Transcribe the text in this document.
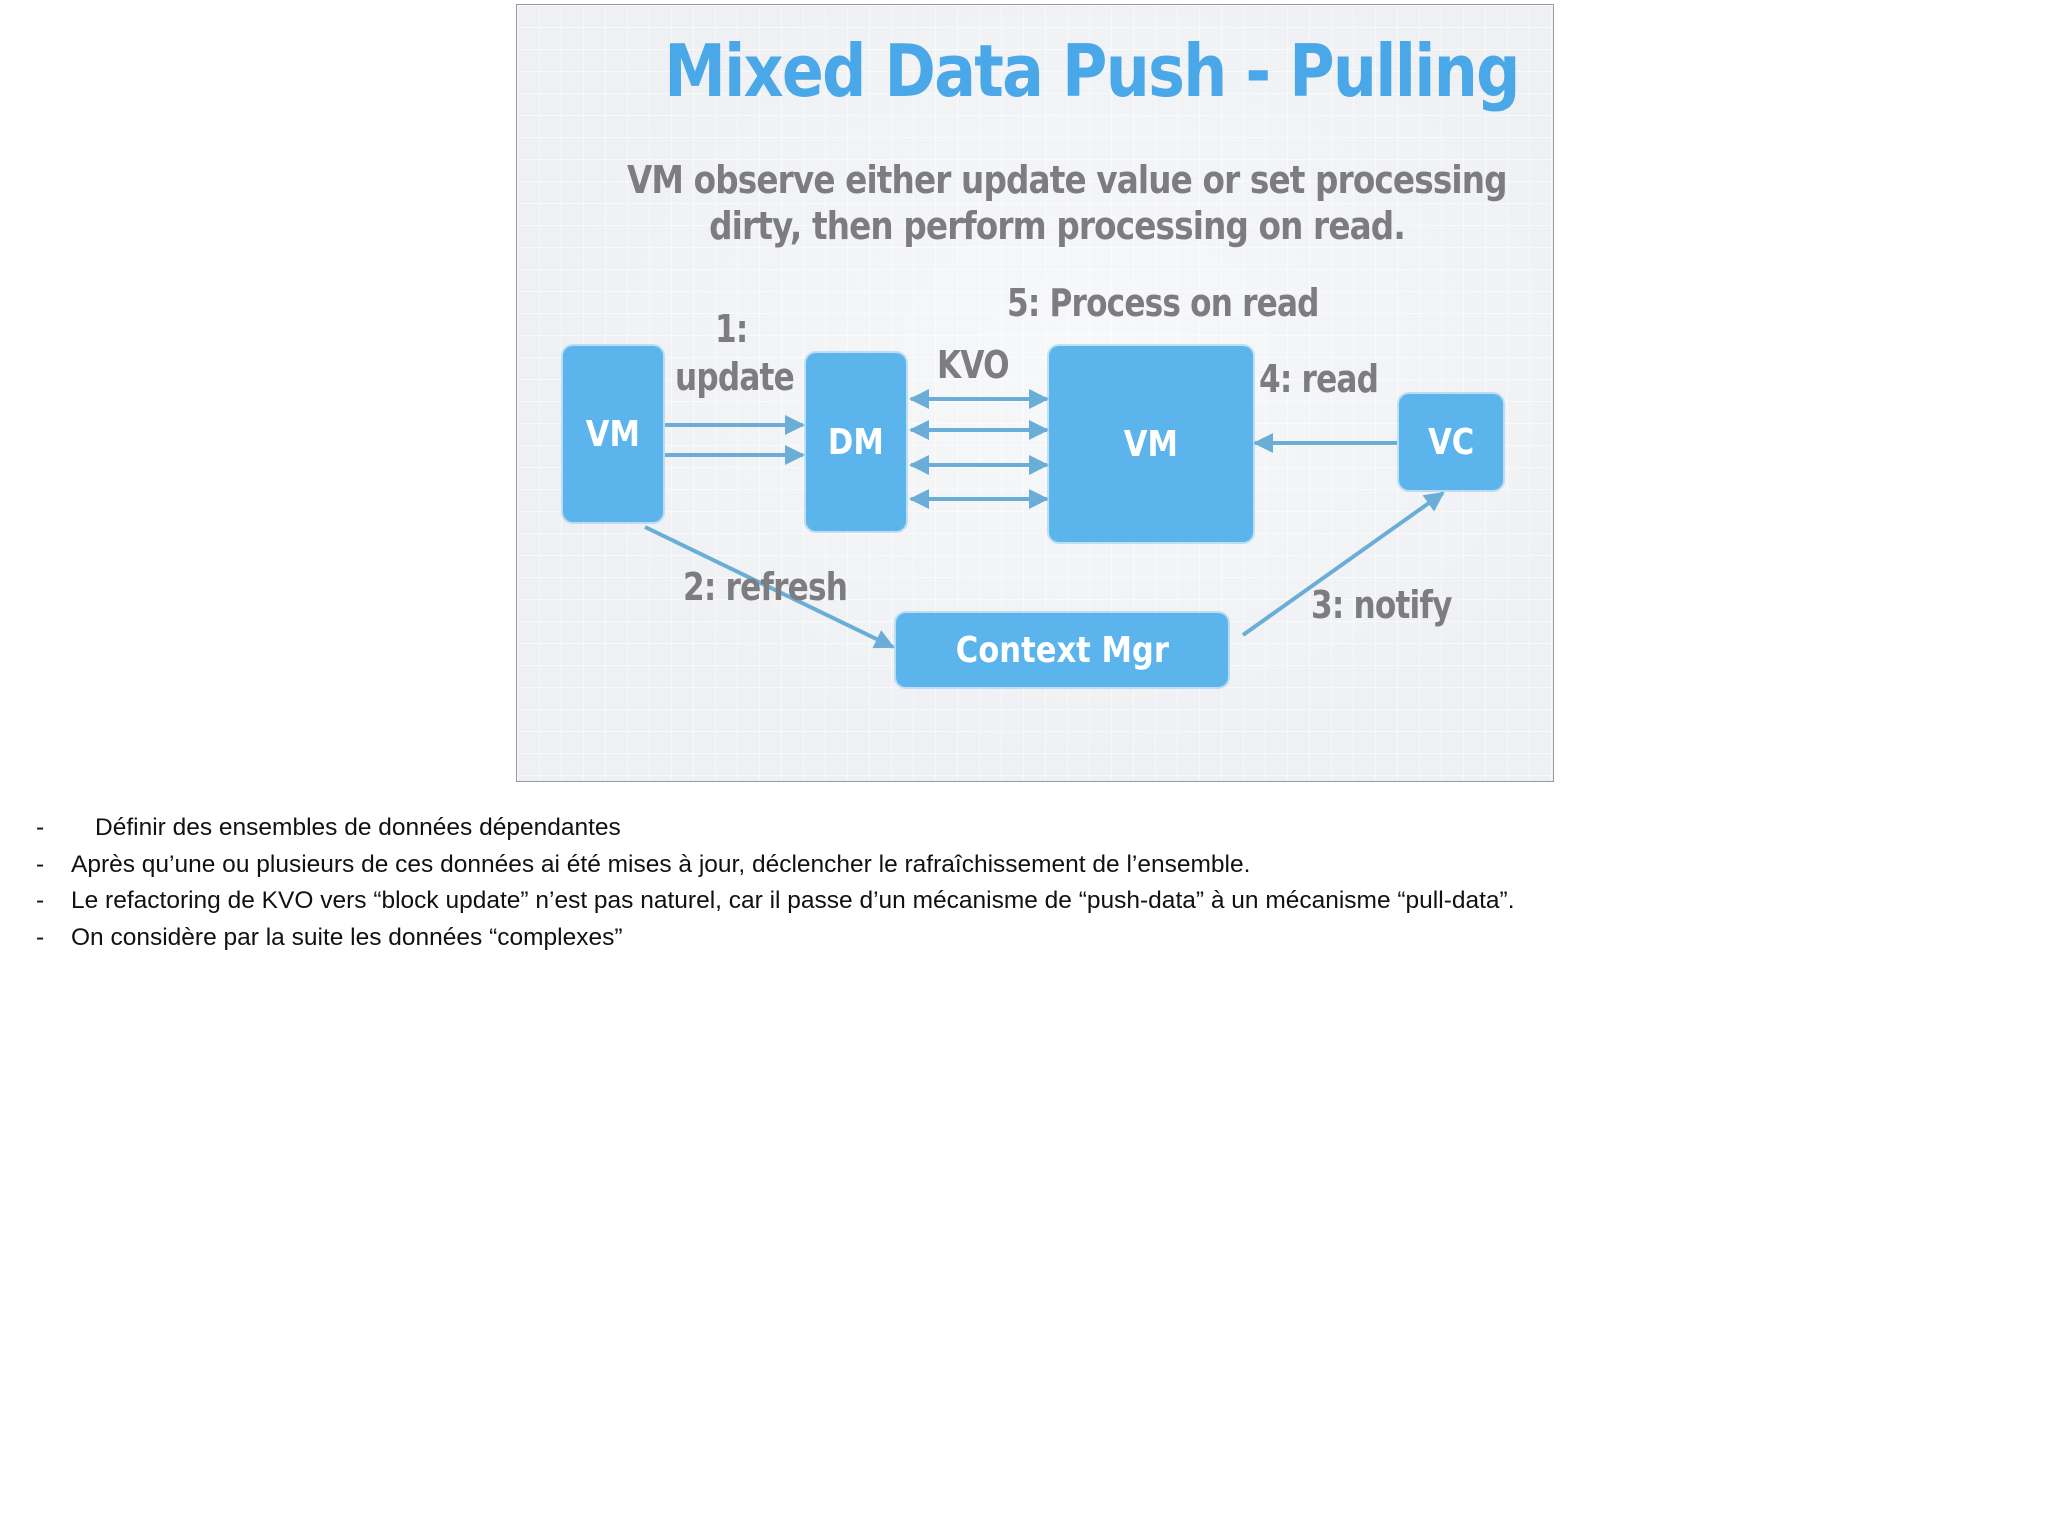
Mixed Data Push - Pulling
VM observe either update value or set processing
dirty, then perform processing on read.
VM	DM	VM	VC
Context Mgr
1:
update	KVO
5: Process on read
4: read
2: refresh	3: notify
- Définir des ensembles de données dépendantes
- Après qu’une ou plusieurs de ces données ai été mises à jour, déclencher le rafraîchissement de l’ensemble.
- Le refactoring de KVO vers “block update” n’est pas naturel, car il passe d’un mécanisme de “push-data” à un mécanisme “pull-data”.
- On considère par la suite les données “complexes”
